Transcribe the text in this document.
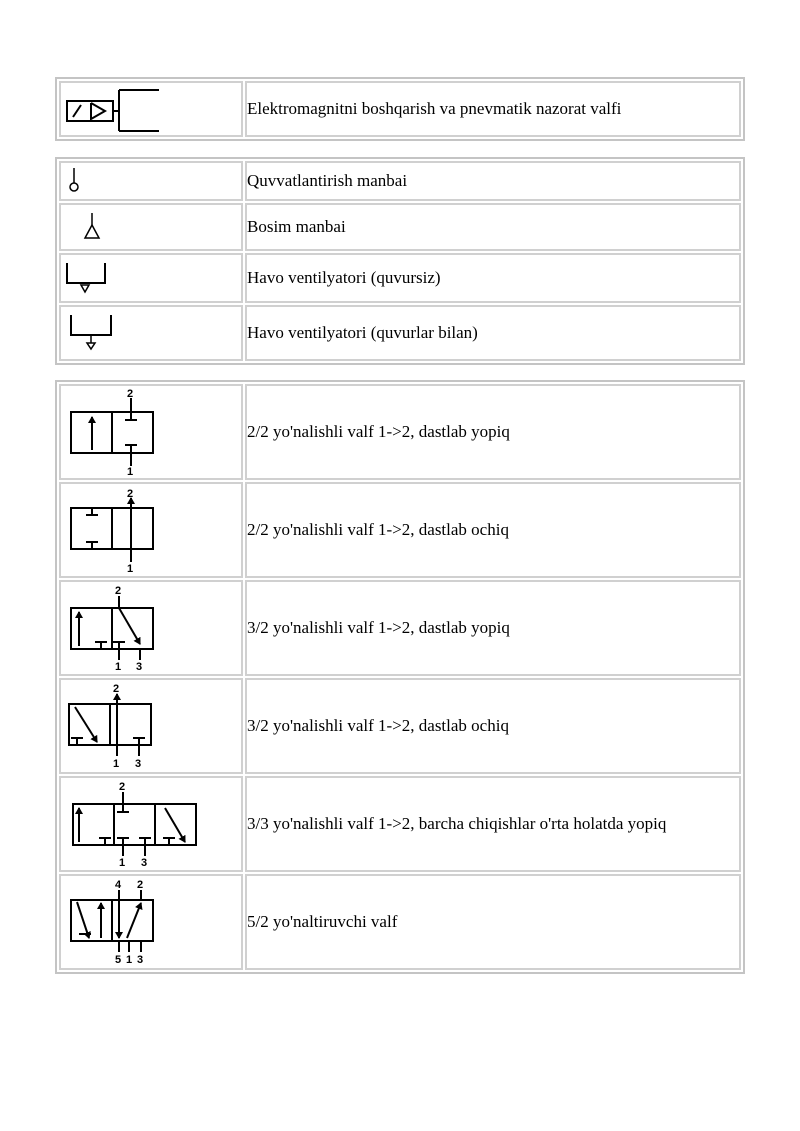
	Elektromagnitni boshqarish va pnevmatik nazorat valfi
	Quvvatlantirish manbai

	Bosim manbai

	Havo ventilyatori (quvursiz)

	Havo ventilyatori (quvurlar bilan)
2
1	2/2 yo'nalishli valf 1->2, dastlab yopiq

2
1	2/2 yo'nalishli valf 1->2, dastlab ochiq

2
1 3	3/2 yo'nalishli valf 1->2, dastlab yopiq

2
1 3	3/2 yo'nalishli valf 1->2, dastlab ochiq

2
1 3	3/3 yo'nalishli valf 1->2, barcha chiqishlar o'rta holatda yopiq

4 2
5 1 3	5/2 yo'naltiruvchi valf
